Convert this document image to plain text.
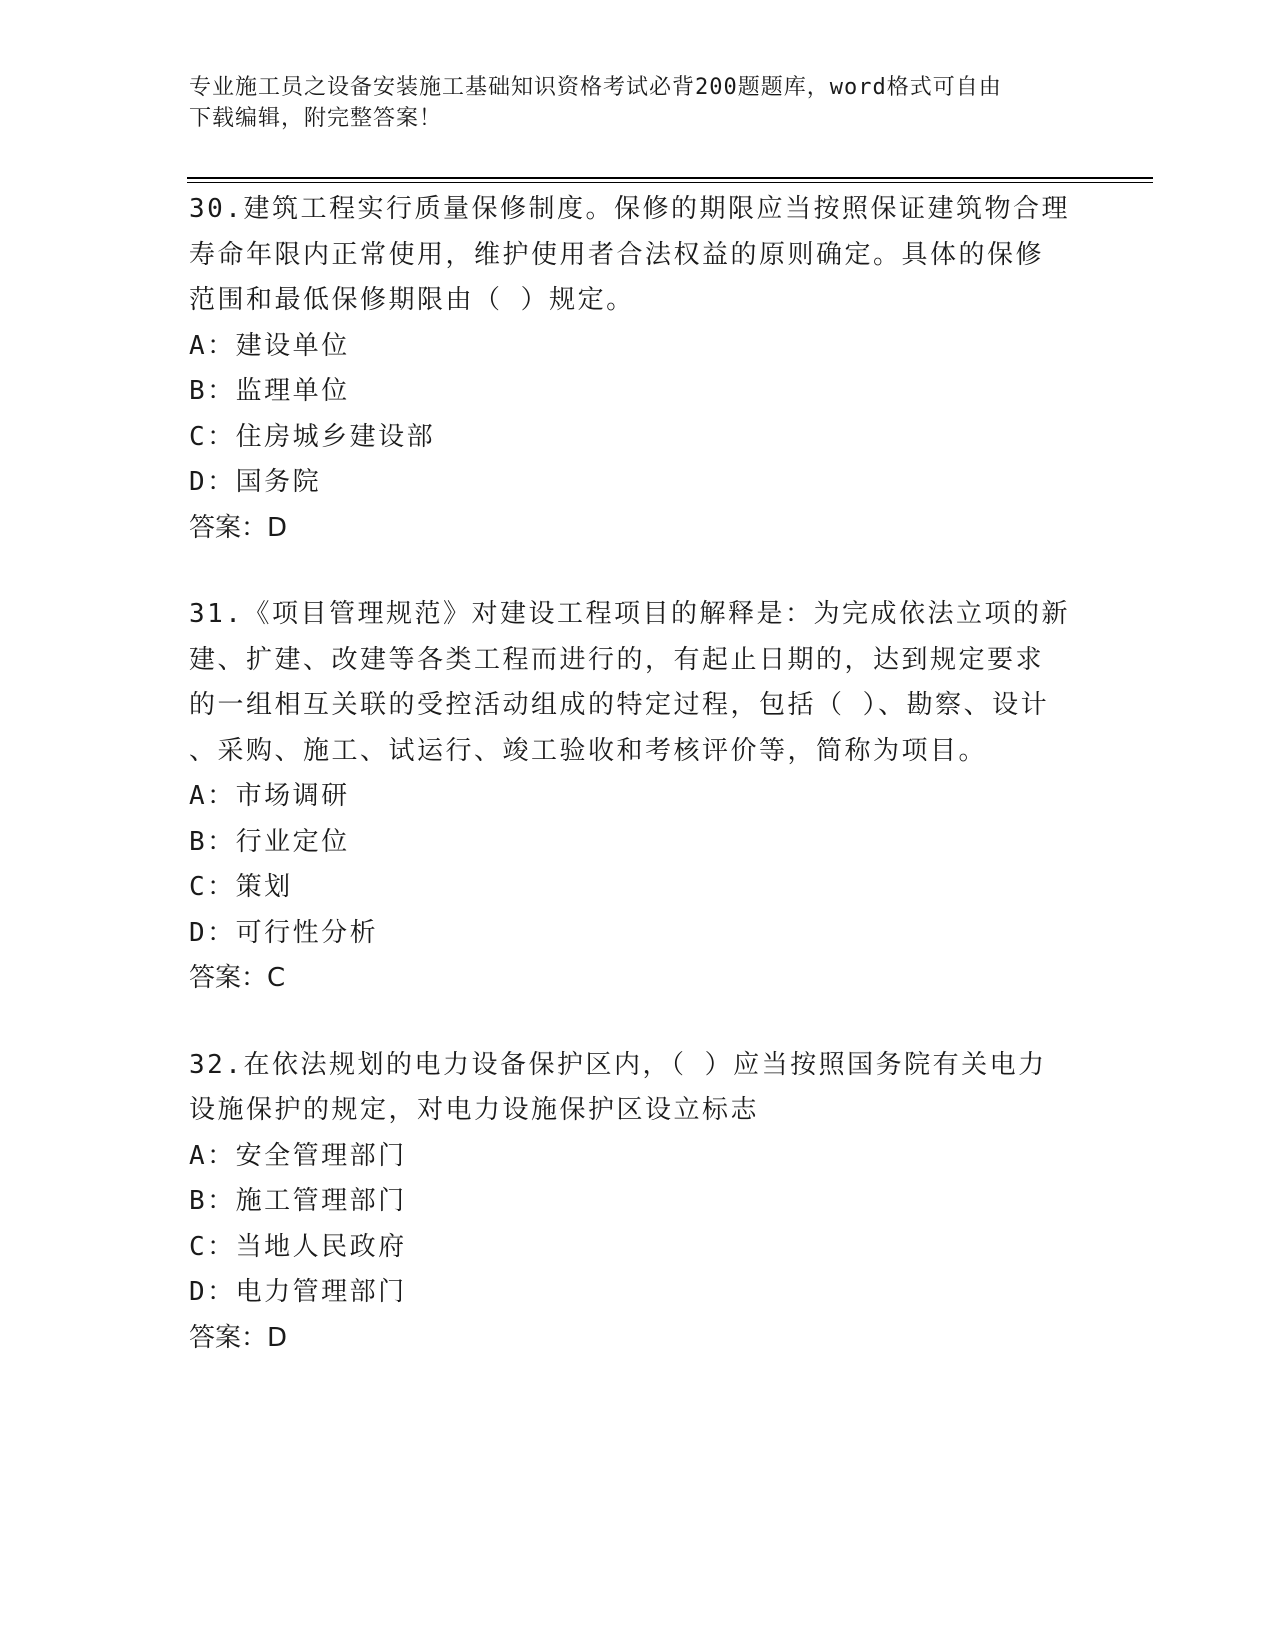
专业施工员之设备安装施工基础知识资格考试必背200题题库，word格式可自由
下载编辑，附完整答案！

30.建筑工程实行质量保修制度。保修的期限应当按照保证建筑物合理

寿命年限内正常使用，维护使用者合法权益的原则确定。具体的保修

范围和最低保修期限由（ ）规定。

A：建设单位

B：监理单位

C：住房城乡建设部

D：国务院

答案：D

31.《项目管理规范》对建设工程项目的解释是：为完成依法立项的新

建、扩建、改建等各类工程而进行的，有起止日期的，达到规定要求

的一组相互关联的受控活动组成的特定过程，包括（ ）、勘察、设计

、采购、施工、试运行、竣工验收和考核评价等，简称为项目。

A：市场调研

B：行业定位

C：策划

D：可行性分析

答案：C

32.在依法规划的电力设备保护区内，（ ）应当按照国务院有关电力

设施保护的规定，对电力设施保护区设立标志

A：安全管理部门

B：施工管理部门

C：当地人民政府

D：电力管理部门

答案：D
